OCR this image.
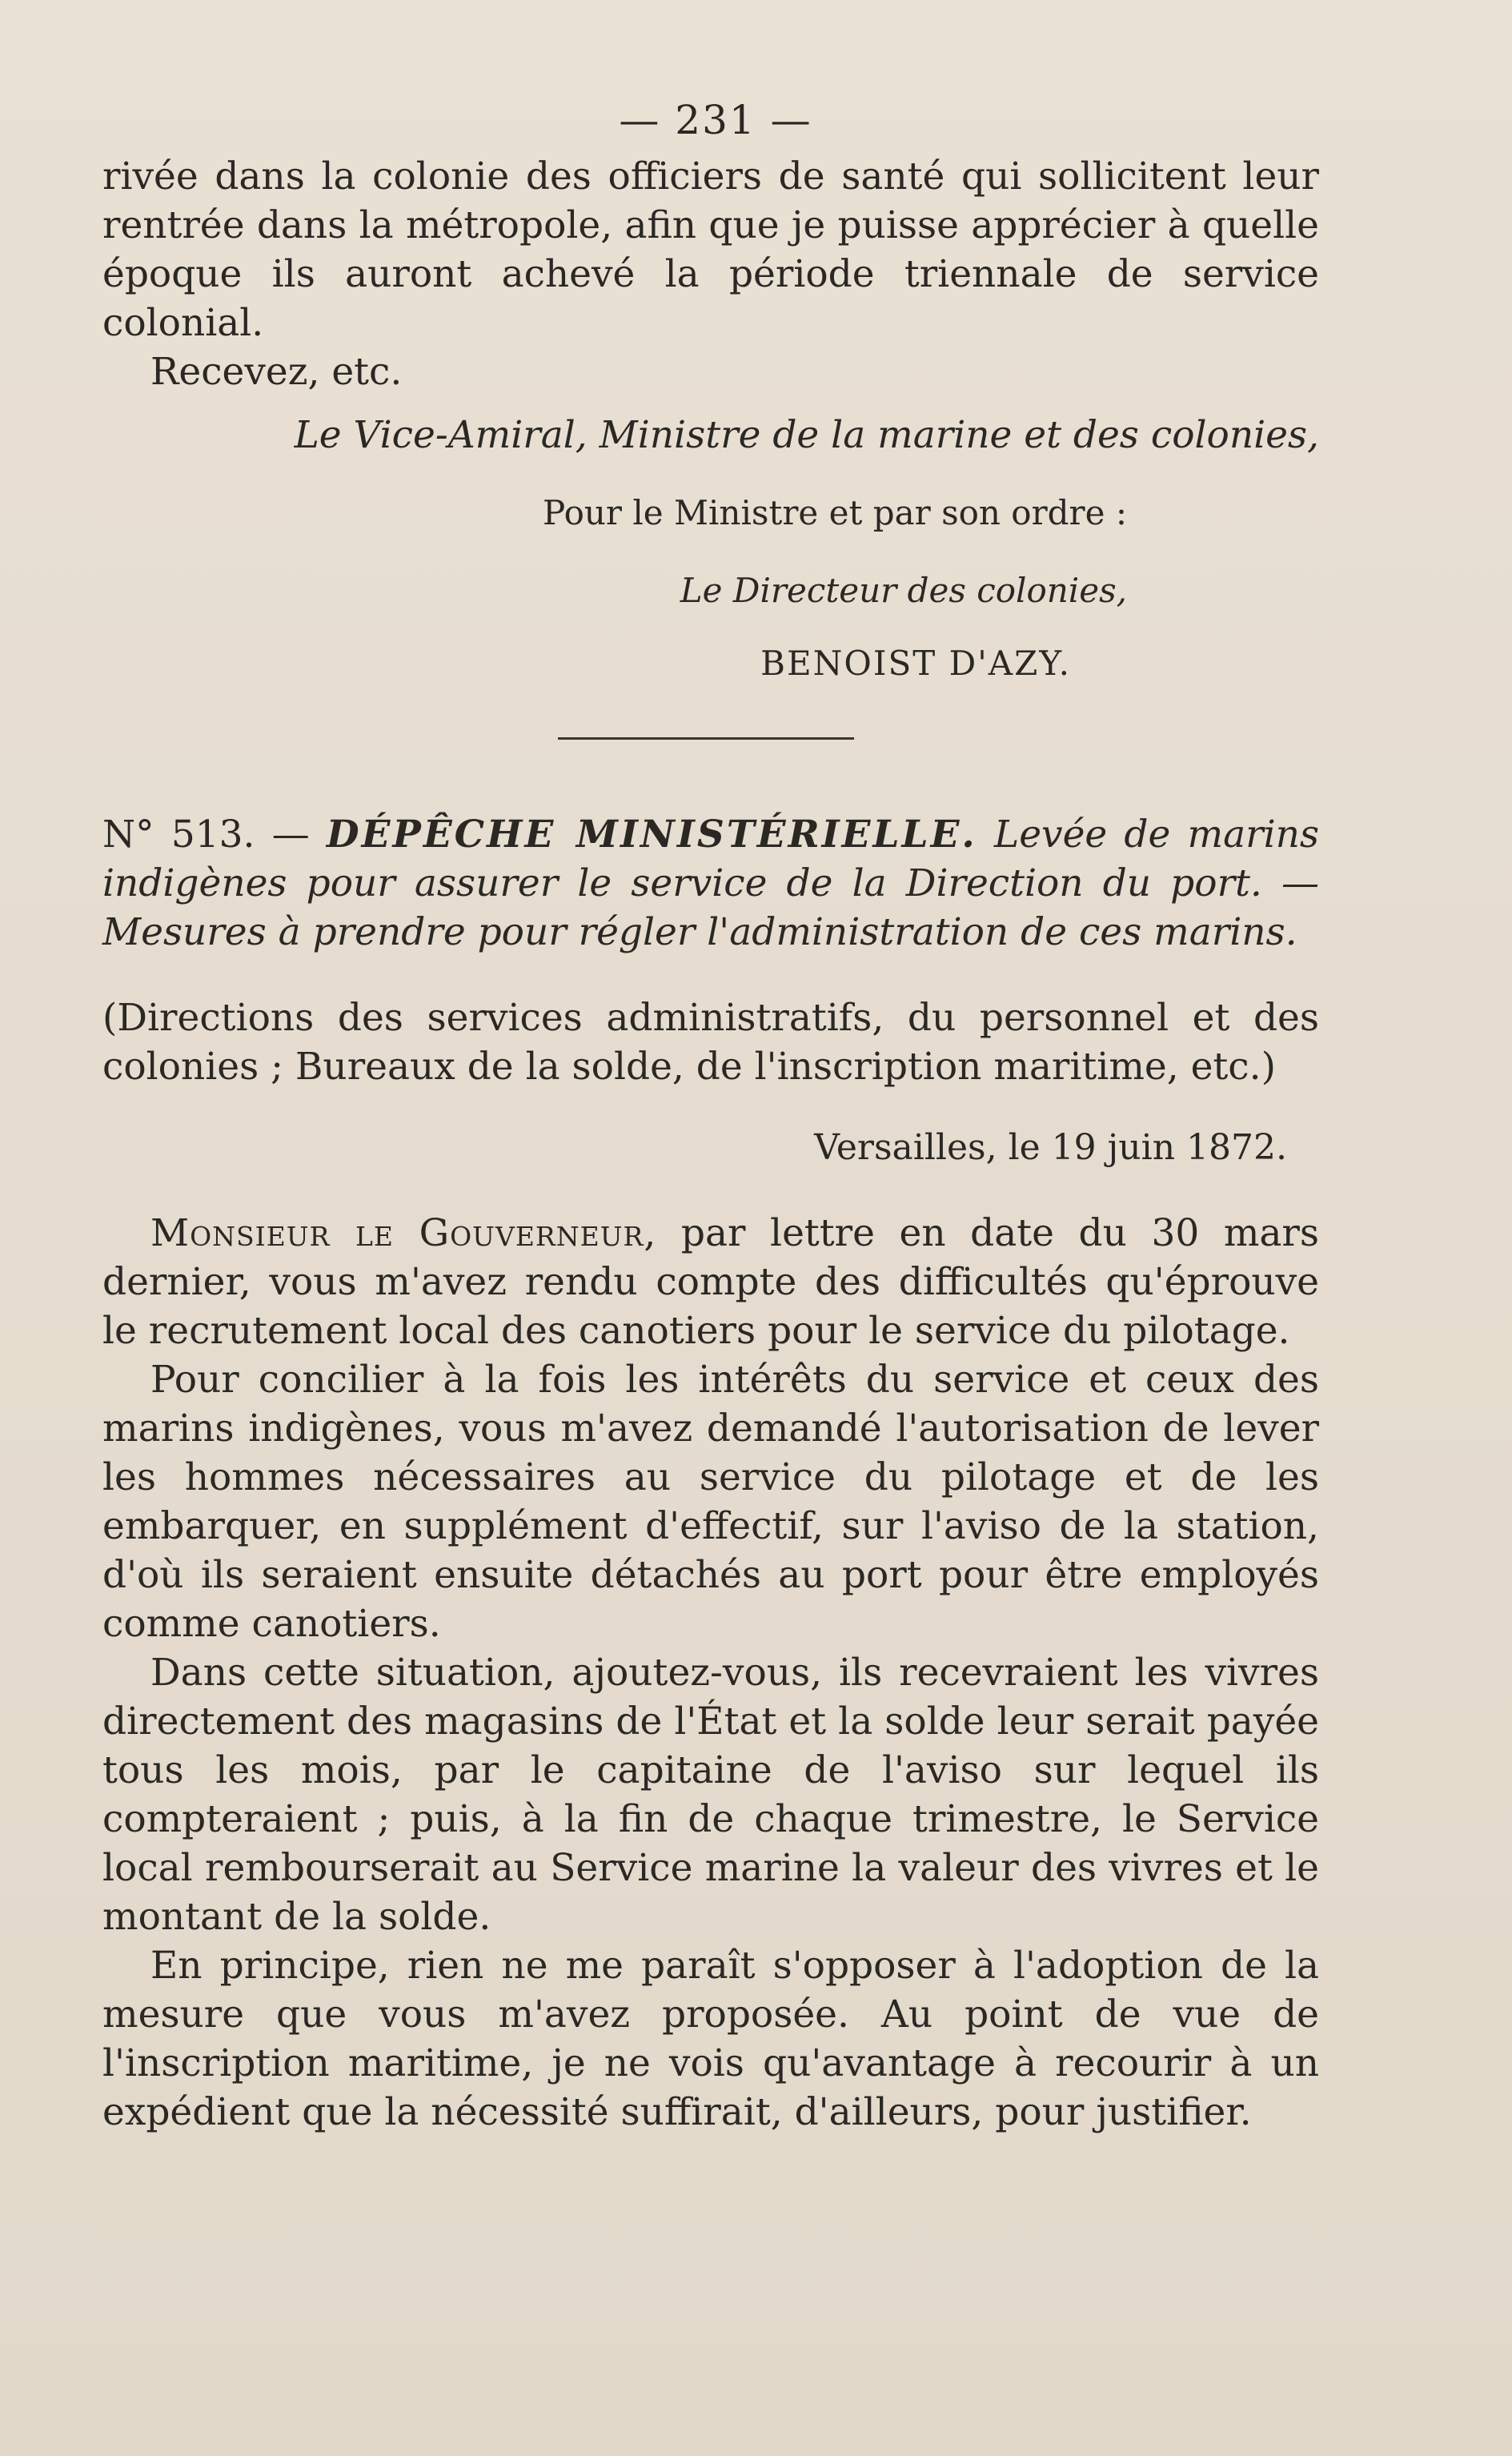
— 231 —

rivée dans la colonie des officiers de santé qui sollicitent leur rentrée dans la métropole, afin que je puisse apprécier à quelle époque ils auront achevé la période triennale de service colonial.

Recevez, etc.

Le Vice-Amiral, Ministre de la marine et des colonies,

Pour le Ministre et par son ordre :

Le Directeur des colonies,

BENOIST D'AZY.

N° 513. — DÉPÊCHE MINISTÉRIELLE. Levée de marins indigènes pour assurer le service de la Direction du port. — Mesures à prendre pour régler l'administration de ces marins.

(Directions des services administratifs, du personnel et des colonies ; Bureaux de la solde, de l'inscription maritime, etc.)

Versailles, le 19 juin 1872.

Monsieur le Gouverneur, par lettre en date du 30 mars dernier, vous m'avez rendu compte des difficultés qu'éprouve le recrutement local des canotiers pour le service du pilotage.

Pour concilier à la fois les intérêts du service et ceux des marins indigènes, vous m'avez demandé l'autorisation de lever les hommes nécessaires au service du pilotage et de les embarquer, en supplément d'effectif, sur l'aviso de la station, d'où ils seraient ensuite détachés au port pour être employés comme canotiers.

Dans cette situation, ajoutez-vous, ils recevraient les vivres directement des magasins de l'État et la solde leur serait payée tous les mois, par le capitaine de l'aviso sur lequel ils compteraient ; puis, à la fin de chaque trimestre, le Service local rembourserait au Service marine la valeur des vivres et le montant de la solde.

En principe, rien ne me paraît s'opposer à l'adoption de la mesure que vous m'avez proposée. Au point de vue de l'inscription maritime, je ne vois qu'avantage à recourir à un expédient que la nécessité suffirait, d'ailleurs, pour justifier.
